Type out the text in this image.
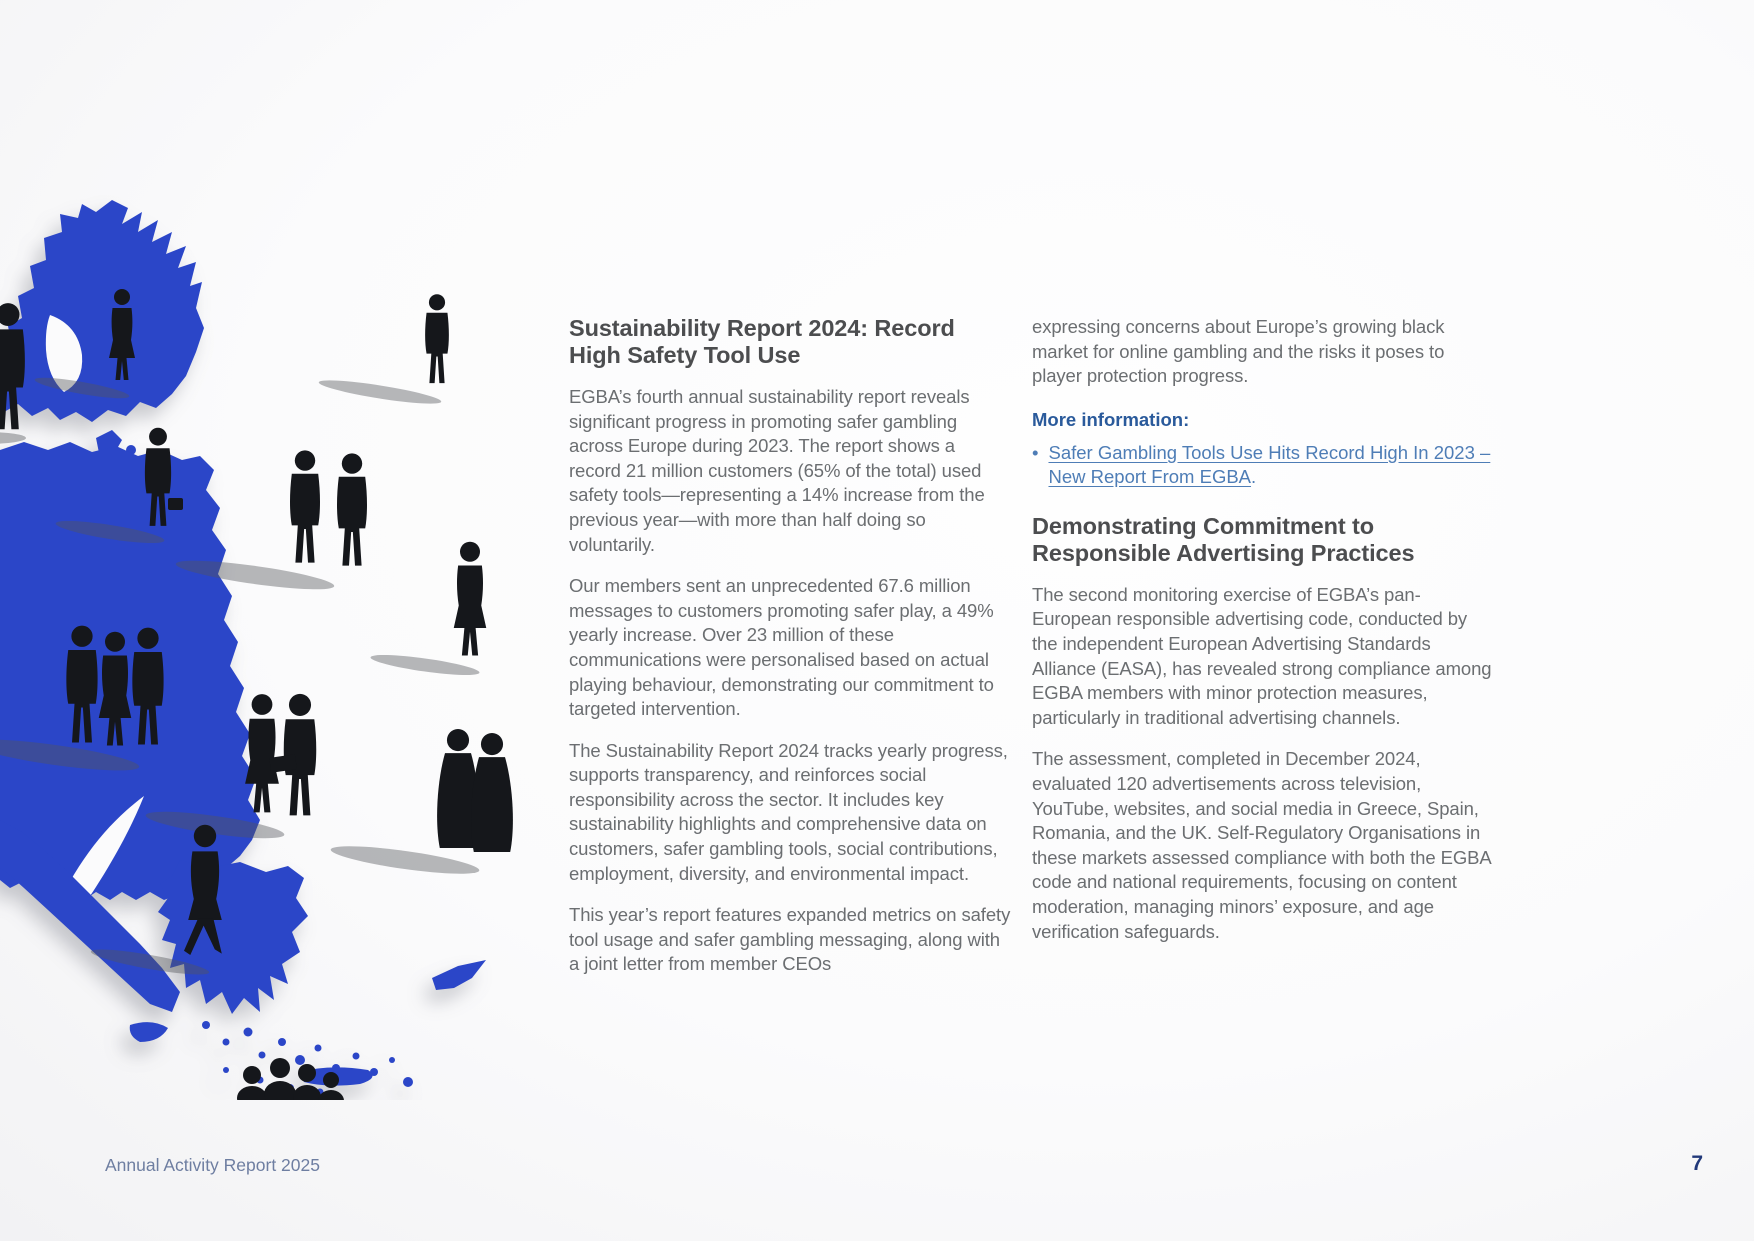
Sustainability Report 2024: Record High Safety Tool Use

EGBA’s fourth annual sustainability report reveals significant progress in promoting safer gambling across Europe during 2023. The report shows a record 21 million customers (65% of the total) used safety tools—representing a 14% increase from the previous year—with more than half doing so voluntarily.

Our members sent an unprecedented 67.6 million messages to customers promoting safer play, a 49% yearly increase. Over 23 million of these communications were personalised based on actual playing behaviour, demonstrating our commitment to targeted intervention.

The Sustainability Report 2024 tracks yearly progress, supports transparency, and reinforces social responsibility across the sector. It includes key sustainability highlights and comprehensive data on customers, safer gambling tools, social contributions, employment, diversity, and environmental impact.

This year’s report features expanded metrics on safety tool usage and safer gambling messaging, along with a joint letter from member CEOs

expressing concerns about Europe’s growing black market for online gambling and the risks it poses to player protection progress.

More information:

• Safer Gambling Tools Use Hits Record High In 2023 – New Report From EGBA.
Demonstrating Commitment to Responsible Advertising Practices

The second monitoring exercise of EGBA’s pan-European responsible advertising code, conducted by the independent European Advertising Standards Alliance (EASA), has revealed strong compliance among EGBA members with minor protection measures, particularly in traditional advertising channels.

The assessment, completed in December 2024, evaluated 120 advertisements across television, YouTube, websites, and social media in Greece, Spain, Romania, and the UK. Self-Regulatory Organisations in these markets assessed compliance with both the EGBA code and national requirements, focusing on content moderation, managing minors’ exposure, and age verification safeguards.

Annual Activity Report 2025	7
